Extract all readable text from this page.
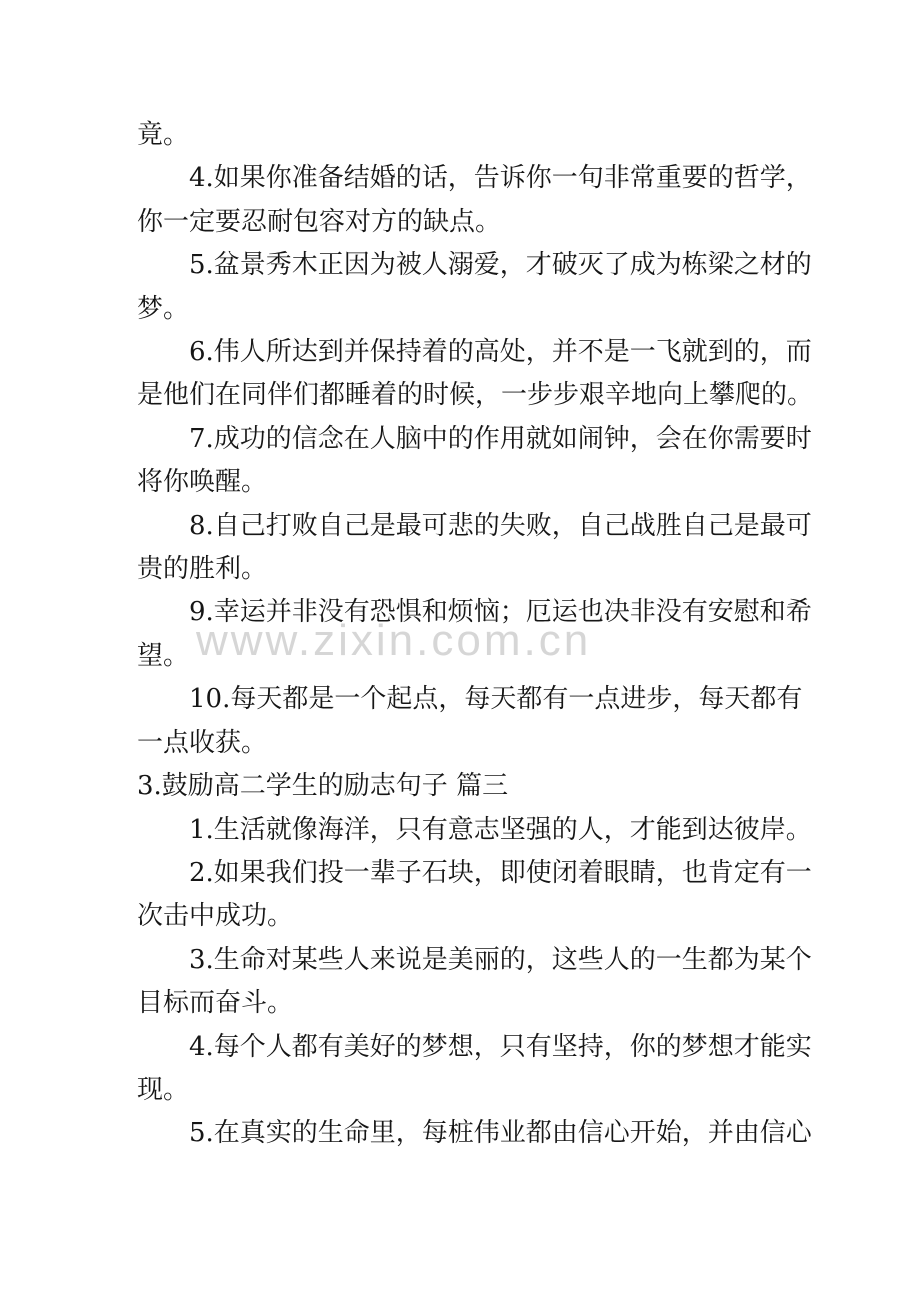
www.zixin.com.cn
竟。
4.如果你准备结婚的话，告诉你一句非常重要的哲学，
你一定要忍耐包容对方的缺点。
5.盆景秀木正因为被人溺爱，才破灭了成为栋梁之材的
梦。
6.伟人所达到并保持着的高处，并不是一飞就到的，而
是他们在同伴们都睡着的时候，一步步艰辛地向上攀爬的。
7.成功的信念在人脑中的作用就如闹钟，会在你需要时
将你唤醒。
8.自己打败自己是最可悲的失败，自己战胜自己是最可
贵的胜利。
9.幸运并非没有恐惧和烦恼；厄运也决非没有安慰和希
望。
10.每天都是一个起点，每天都有一点进步，每天都有
一点收获。
3.鼓励高二学生的励志句子 篇三
1.生活就像海洋，只有意志坚强的人，才能到达彼岸。
2.如果我们投一辈子石块，即使闭着眼睛，也肯定有一
次击中成功。
3.生命对某些人来说是美丽的，这些人的一生都为某个
目标而奋斗。
4.每个人都有美好的梦想，只有坚持，你的梦想才能实
现。
5.在真实的生命里，每桩伟业都由信心开始，并由信心
